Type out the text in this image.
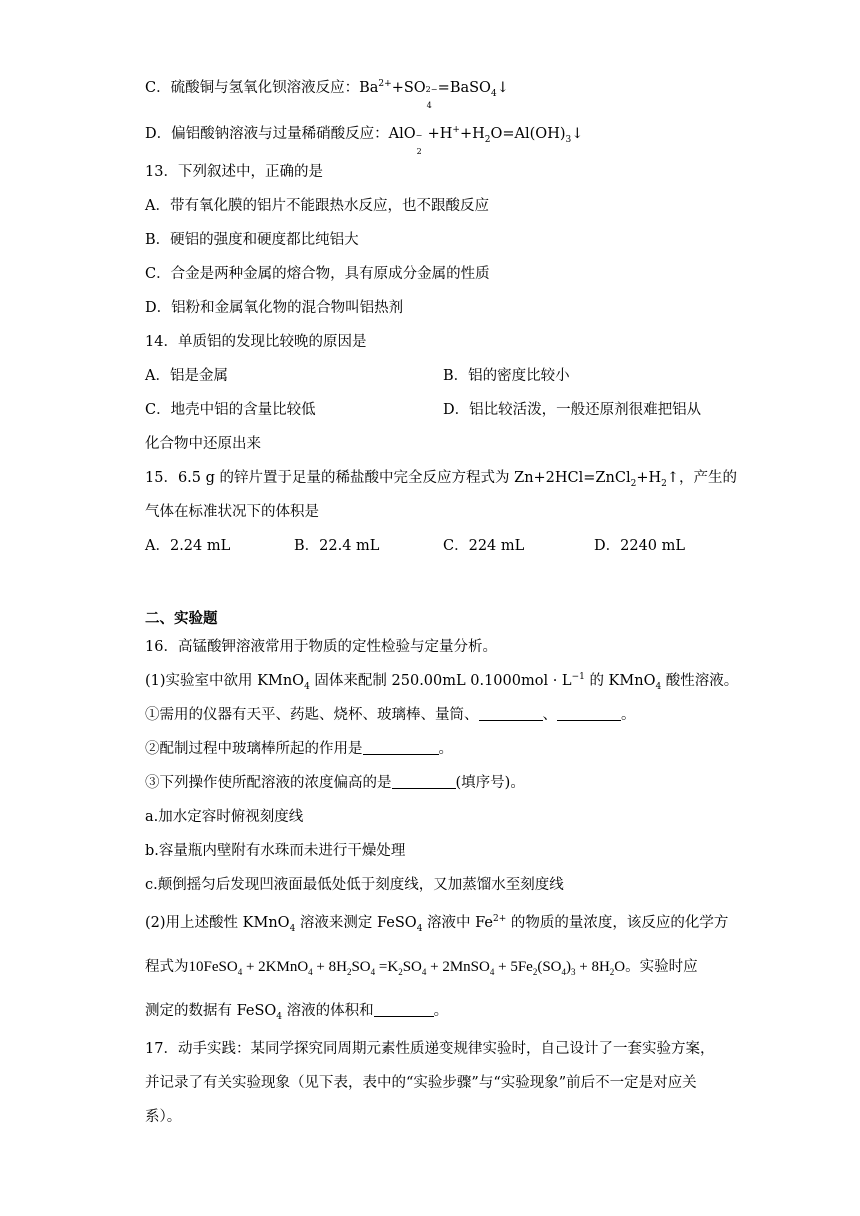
C．硫酸铜与氢氧化钡溶液反应：$Ba^{2+}+SO$ 2−
4
=BaSO$_4$↓
D．偏铝酸钠溶液与过量稀硝酸反应：AlO −
2
$+H^++H_2O=Al(OH)_3↓$
13．下列叙述中，正确的是
A．带有氧化膜的铝片不能跟热水反应，也不跟酸反应
B．硬铝的强度和硬度都比纯铝大
C．合金是两种金属的熔合物，具有原成分金属的性质
D．铝粉和金属氧化物的混合物叫铝热剂
14．单质铝的发现比较晚的原因是
A．铝是金属	B．铝的密度比较小
C．地壳中铝的含量比较低	D．铝比较活泼，一般还原剂很难把铝从
化合物中还原出来
15．6.5 g 的锌片置于足量的稀盐酸中完全反应方程式为 $Zn+2HCl=ZnCl_2+H_2↑$，产生的
气体在标准状况下的体积是
A．2.24 mL	B．22.4 mL	C．224 mL	D．2240 mL
二、实验题
16．高锰酸钾溶液常用于物质的定性检验与定量分析。
(1)实验室中欲用 KMnO$_4$ 固体来配制 250.00mL $0.1000mol \cdot L^{-1}$ 的 KMnO$_4$ 酸性溶液。
①需用的仪器有天平、药匙、烧杯、玻璃棒、量筒、	、	。
②配制过程中玻璃棒所起的作用是	。
③下列操作使所配溶液的浓度偏高的是	(填序号)。
a.加水定容时俯视刻度线
b.容量瓶内壁附有水珠而未进行干燥处理
c.颠倒摇匀后发现凹液面最低处低于刻度线，又加蒸馏水至刻度线
(2)用上述酸性 KMnO$_4$ 溶液来测定 FeSO$_4$ 溶液中 $Fe^{2+}$ 的物质的量浓度，该反应的化学方
程式为10FeSO$_4$ + 2KMnO$_4$ + $8H_2SO_4 =K_2SO_4$ + 2MnSO$_4$ + $5Fe_2(SO_4)_3 + 8H_2O$。实验时应
测定的数据有 FeSO$_4$ 溶液的体积和	。
17．动手实践：某同学探究同周期元素性质递变规律实验时，自己设计了一套实验方案，
并记录了有关实验现象（见下表，表中的“实验步骤”与“实验现象”前后不一定是对应关
系）。
